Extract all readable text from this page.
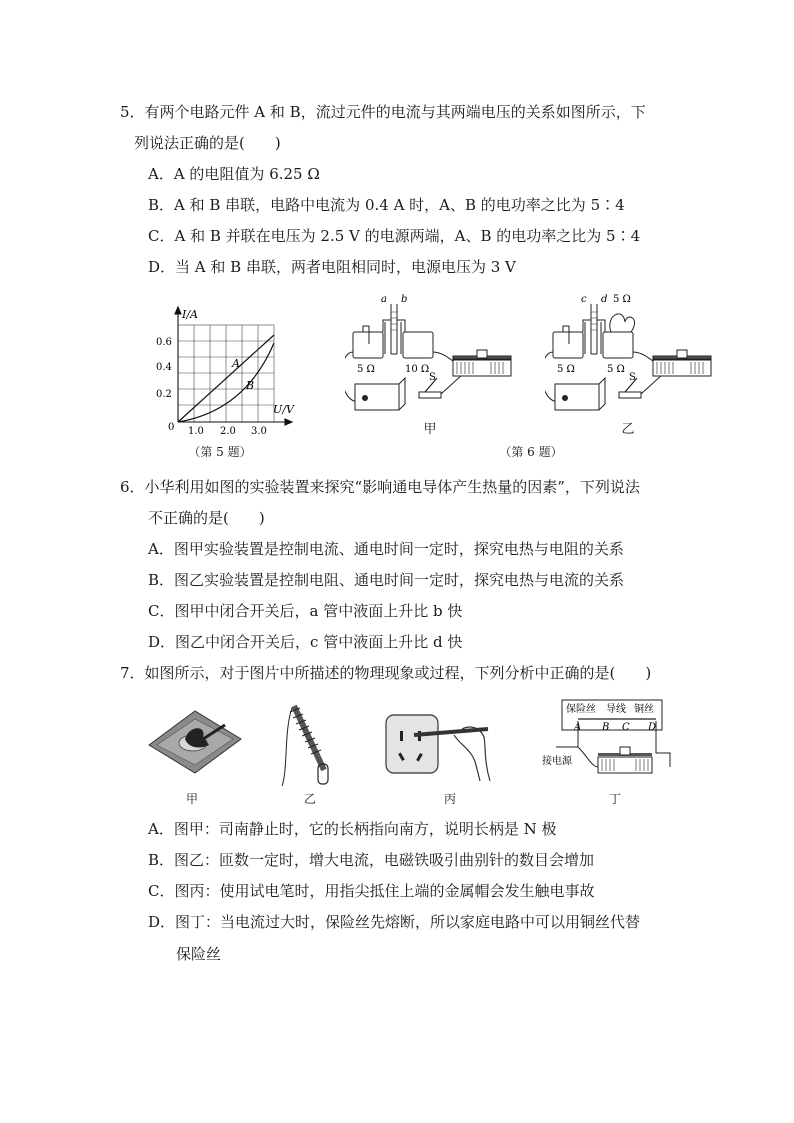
5．有两个电路元件 A 和 B，流过元件的电流与其两端电压的关系如图所示，下
列说法正确的是(　　)
A．A 的电阻值为 6.25 Ω
B．A 和 B 串联，电路中电流为 0.4 A 时，A、B 的电功率之比为 5∶4
C．A 和 B 并联在电压为 2.5 V 的电源两端，A、B 的电功率之比为 5∶4
D．当 A 和 B 串联，两者电阻相同时，电源电压为 3 V
A
B
I/A
U/V
0.6
0.4
0.2
0 1.0 2.0 3.0
（第 5 题）
a b
5 Ω	10 Ω
S
甲
c d 5 Ω
5 Ω	5 Ω
S
乙
（第 6 题）
6．小华利用如图的实验装置来探究“影响通电导体产生热量的因素”，下列说法
不正确的是(　　)
A．图甲实验装置是控制电流、通电时间一定时，探究电热与电阻的关系
B．图乙实验装置是控制电阻、通电时间一定时，探究电热与电流的关系
C．图甲中闭合开关后，a 管中液面上升比 b 快
D．图乙中闭合开关后，c 管中液面上升比 d 快
7．如图所示，对于图片中所描述的物理现象或过程，下列分析中正确的是(　　)
甲	乙	丙
保险丝 导线 铜丝
A B C D
接电源
丁
A．图甲：司南静止时，它的长柄指向南方，说明长柄是 N 极
B．图乙：匝数一定时，增大电流，电磁铁吸引曲别针的数目会增加
C．图丙：使用试电笔时，用指尖抵住上端的金属帽会发生触电事故
D．图丁：当电流过大时，保险丝先熔断，所以家庭电路中可以用铜丝代替
保险丝
